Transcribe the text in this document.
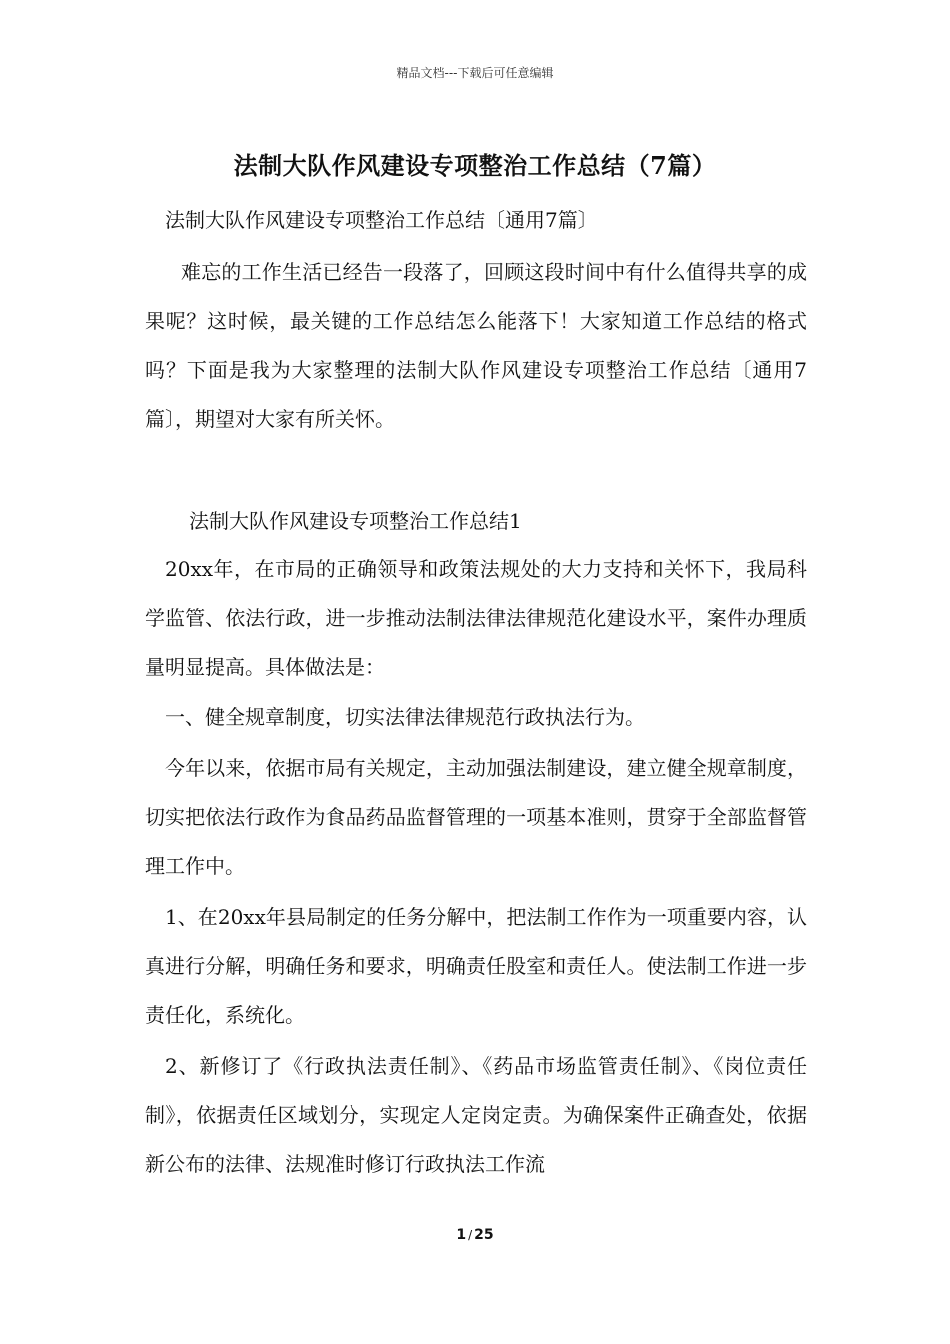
精品文档---下载后可任意编辑
法制大队作风建设专项整治工作总结（7篇）

法制大队作风建设专项整治工作总结〔通用7篇〕

难忘的工作生活已经告一段落了，回顾这段时间中有什么值得共享的成果呢？这时候，最关键的工作总结怎么能落下！大家知道工作总结的格式吗？下面是我为大家整理的法制大队作风建设专项整治工作总结〔通用7篇〕，期望对大家有所关怀。

法制大队作风建设专项整治工作总结1

20xx年，在市局的正确领导和政策法规处的大力支持和关怀下，我局科学监管、依法行政，进一步推动法制法律法律规范化建设水平，案件办理质量明显提高。具体做法是：

一、健全规章制度，切实法律法律规范行政执法行为。

今年以来，依据市局有关规定，主动加强法制建设，建立健全规章制度，切实把依法行政作为食品药品监督管理的一项基本准则，贯穿于全部监督管理工作中。

1、在20xx年县局制定的任务分解中，把法制工作作为一项重要内容，认真进行分解，明确任务和要求，明确责任股室和责任人。使法制工作进一步责任化，系统化。

2、新修订了《行政执法责任制》、《药品市场监管责任制》、《岗位责任制》，依据责任区域划分，实现定人定岗定责。为确保案件正确查处，依据新公布的法律、法规准时修订行政执法工作流

1 / 25
